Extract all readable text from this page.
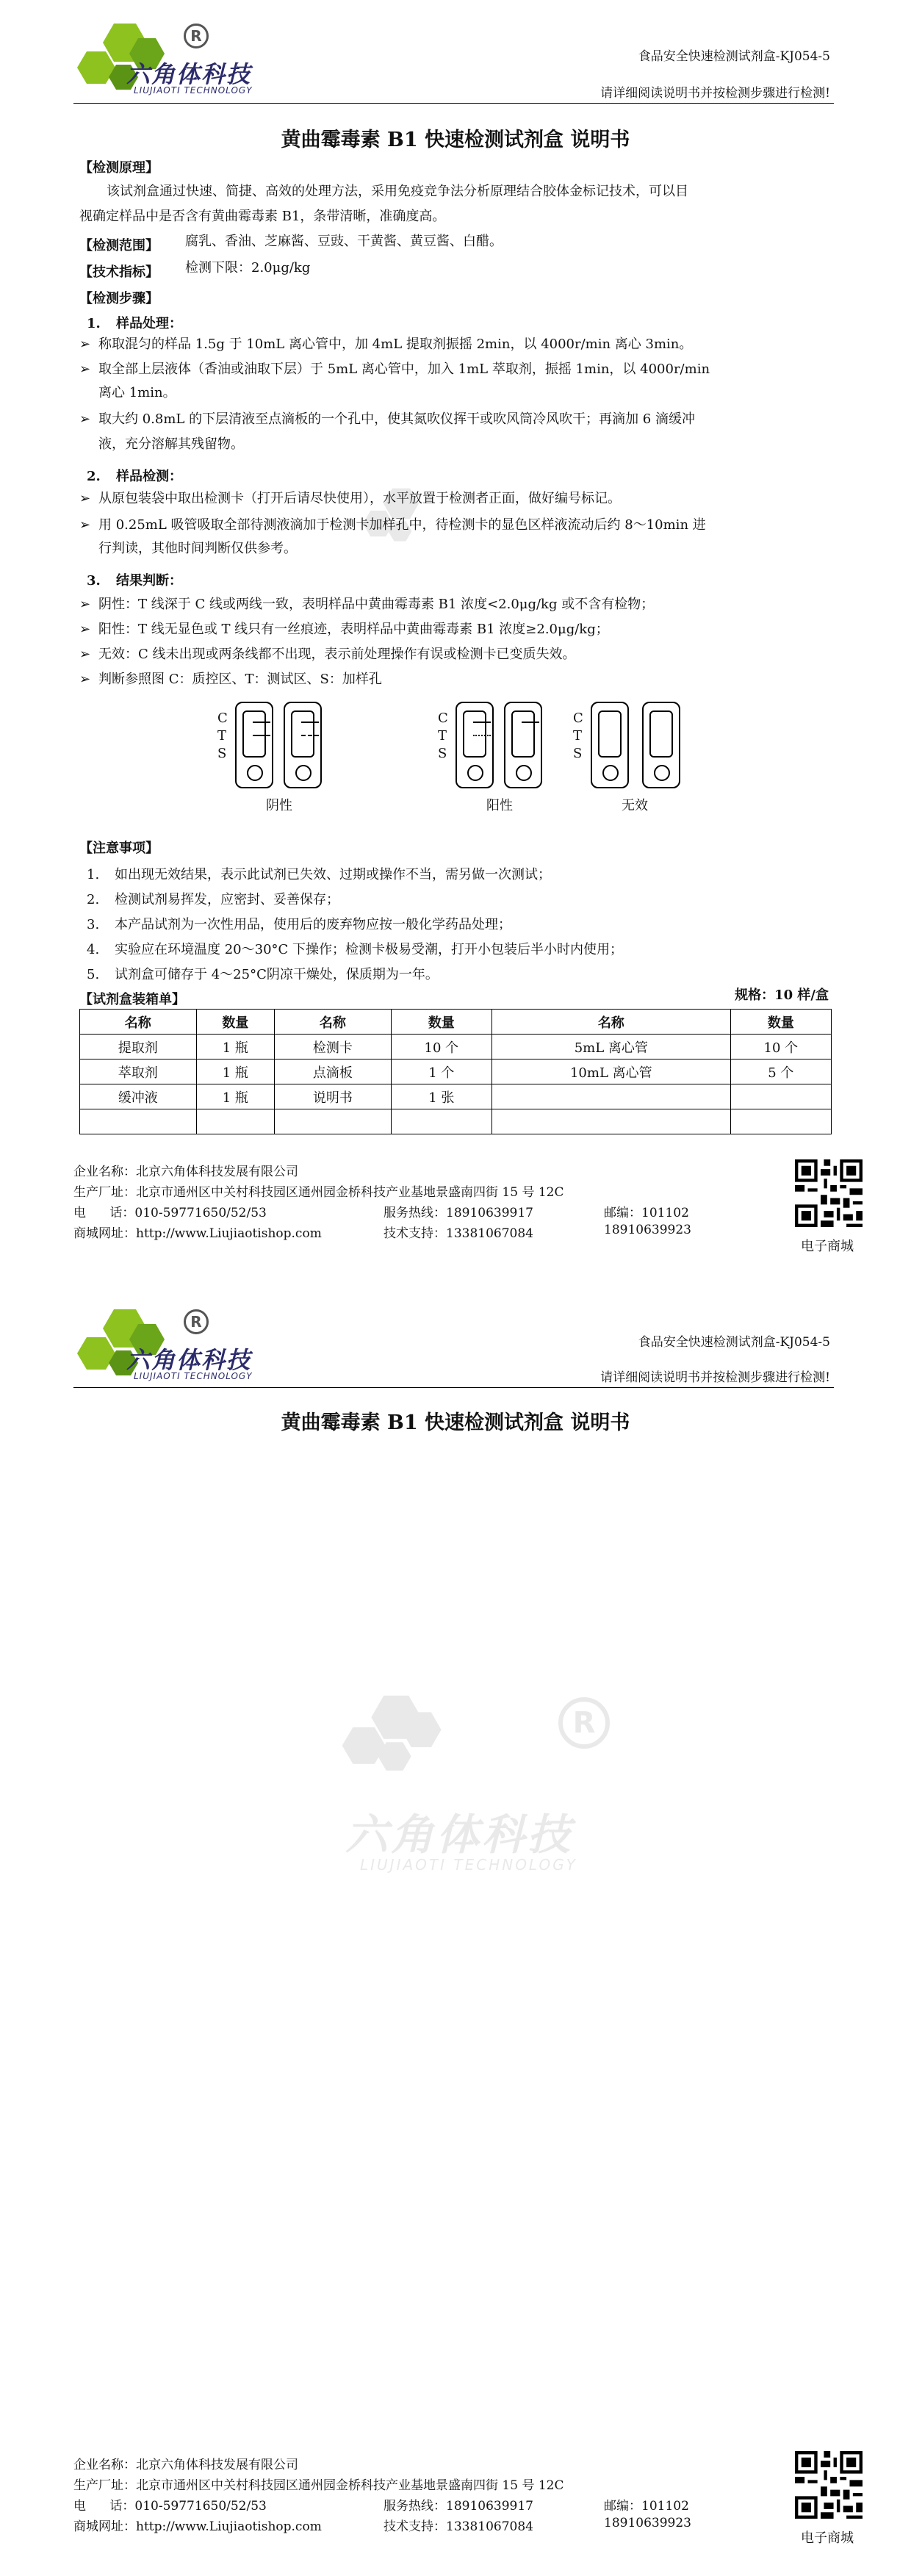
R
六角体科技
LIUJIAOTI TECHNOLOGY
食品安全快速检测试剂盒-KJ054-5
请详细阅读说明书并按检测步骤进行检测!
黄曲霉毒素 B1 快速检测试剂盒 说明书
【检测原理】
该试剂盒通过快速、简捷、高效的处理方法，采用免疫竞争法分析原理结合胶体金标记技术，可以目
视确定样品中是否含有黄曲霉毒素 B1，条带清晰，准确度高。
【检测范围】 腐乳、香油、芝麻酱、豆豉、干黄酱、黄豆酱、白醋。
【技术指标】 检测下限：2.0μg/kg
【检测步骤】
1. 样品处理：
➢ 称取混匀的样品 1.5g 于 10mL 离心管中，加 4mL 提取剂振摇 2min，以 4000r/min 离心 3min。
➢ 取全部上层液体（香油或油取下层）于 5mL 离心管中，加入 1mL 萃取剂，振摇 1min，以 4000r/min
离心 1min。
➢ 取大约 0.8mL 的下层清液至点滴板的一个孔中，使其氮吹仪挥干或吹风筒冷风吹干；再滴加 6 滴缓冲
液，充分溶解其残留物。
2. 样品检测：
➢ 从原包装袋中取出检测卡（打开后请尽快使用），水平放置于检测者正面，做好编号标记。
➢ 用 0.25mL 吸管吸取全部待测液滴加于检测卡加样孔中，待检测卡的显色区样液流动后约 8～10min 进
行判读，其他时间判断仅供参考。
3. 结果判断：
➢ 阴性：T 线深于 C 线或两线一致，表明样品中黄曲霉毒素 B1 浓度<2.0μg/kg 或不含有检物；
➢ 阳性：T 线无显色或 T 线只有一丝痕迹，表明样品中黄曲霉毒素 B1 浓度≥2.0μg/kg；
➢ 无效：C 线未出现或两条线都不出现，表示前处理操作有误或检测卡已变质失效。
➢ 判断参照图 C：质控区、T：测试区、S：加样孔
C
T
S
阴性
C
T
S
阳性
C
T
S
无效
【注意事项】
1. 如出现无效结果，表示此试剂已失效、过期或操作不当，需另做一次测试；
2. 检测试剂易挥发，应密封、妥善保存；
3. 本产品试剂为一次性用品，使用后的废弃物应按一般化学药品处理；
4. 实验应在环境温度 20～30°C 下操作；检测卡极易受潮，打开小包装后半小时内使用；
5. 试剂盒可储存于 4～25°C阴凉干燥处，保质期为一年。
【试剂盒装箱单】	规格：10 样/盒
名称	数量	名称	数量	名称	数量
提取剂	1 瓶	检测卡	10 个	5mL 离心管	10 个
萃取剂	1 瓶	点滴板	1 个	10mL 离心管	5 个
缓冲液	1 瓶	说明书	1 张		

企业名称：北京六角体科技发展有限公司
生产厂址：北京市通州区中关村科技园区通州园金桥科技产业基地景盛南四街 15 号 12C
电      话：010-59771650/52/53	服务热线：18910639917	邮编：101102
商城网址：http://www.Liujiaotishop.com	技术支持：13381067084	18910639923
电子商城
R
六角体科技
LIUJIAOTI TECHNOLOGY
食品安全快速检测试剂盒-KJ054-5
请详细阅读说明书并按检测步骤进行检测!
黄曲霉毒素 B1 快速检测试剂盒 说明书
R
六角体科技
LIUJIAOTI TECHNOLOGY
企业名称：北京六角体科技发展有限公司
生产厂址：北京市通州区中关村科技园区通州园金桥科技产业基地景盛南四街 15 号 12C
电      话：010-59771650/52/53	服务热线：18910639917	邮编：101102
商城网址：http://www.Liujiaotishop.com	技术支持：13381067084	18910639923
电子商城
